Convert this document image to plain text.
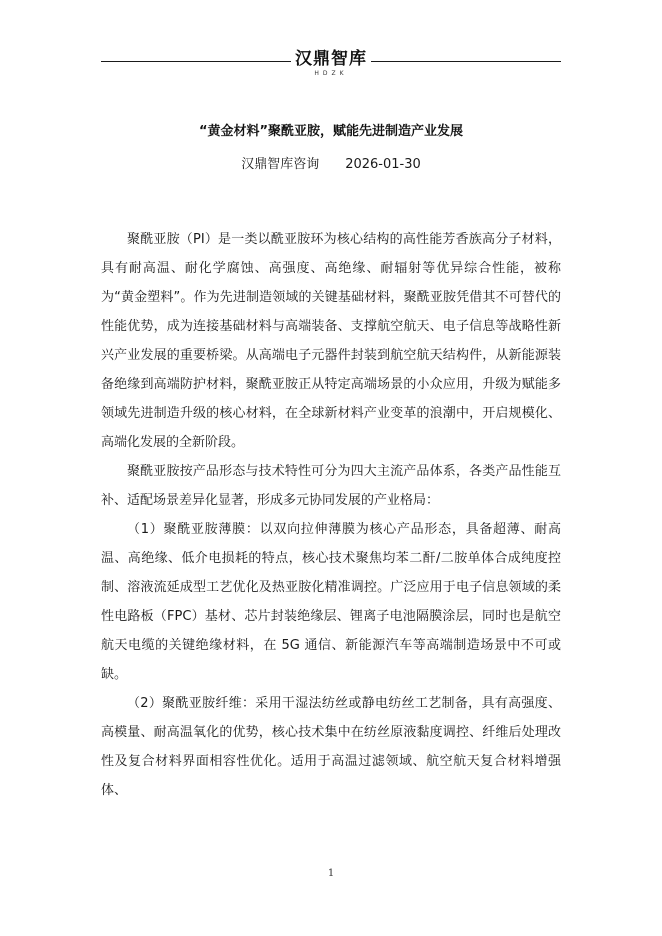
汉鼎智库
HDZK
“黄金材料”聚酰亚胺，赋能先进制造产业发展
汉鼎智库咨询 2026-01-30

聚酰亚胺（PI）是一类以酰亚胺环为核心结构的高性能芳香族高分子材料，具有耐高温、耐化学腐蚀、高强度、高绝缘、耐辐射等优异综合性能，被称为“黄金塑料”。作为先进制造领域的关键基础材料，聚酰亚胺凭借其不可替代的性能优势，成为连接基础材料与高端装备、支撑航空航天、电子信息等战略性新兴产业发展的重要桥梁。从高端电子元器件封装到航空航天结构件，从新能源装备绝缘到高端防护材料，聚酰亚胺正从特定高端场景的小众应用，升级为赋能多领域先进制造升级的核心材料，在全球新材料产业变革的浪潮中，开启规模化、高端化发展的全新阶段。

聚酰亚胺按产品形态与技术特性可分为四大主流产品体系，各类产品性能互补、适配场景差异化显著，形成多元协同发展的产业格局：

（1）聚酰亚胺薄膜：以双向拉伸薄膜为核心产品形态，具备超薄、耐高温、高绝缘、低介电损耗的特点，核心技术聚焦均苯二酐/二胺单体合成纯度控制、溶液流延成型工艺优化及热亚胺化精准调控。广泛应用于电子信息领域的柔性电路板（FPC）基材、芯片封装绝缘层、锂离子电池隔膜涂层，同时也是航空航天电缆的关键绝缘材料，在 5G 通信、新能源汽车等高端制造场景中不可或缺。

（2）聚酰亚胺纤维：采用干湿法纺丝或静电纺丝工艺制备，具有高强度、高模量、耐高温氧化的优势，核心技术集中在纺丝原液黏度调控、纤维后处理改性及复合材料界面相容性优化。适用于高温过滤领域、航空航天复合材料增强体、

1
